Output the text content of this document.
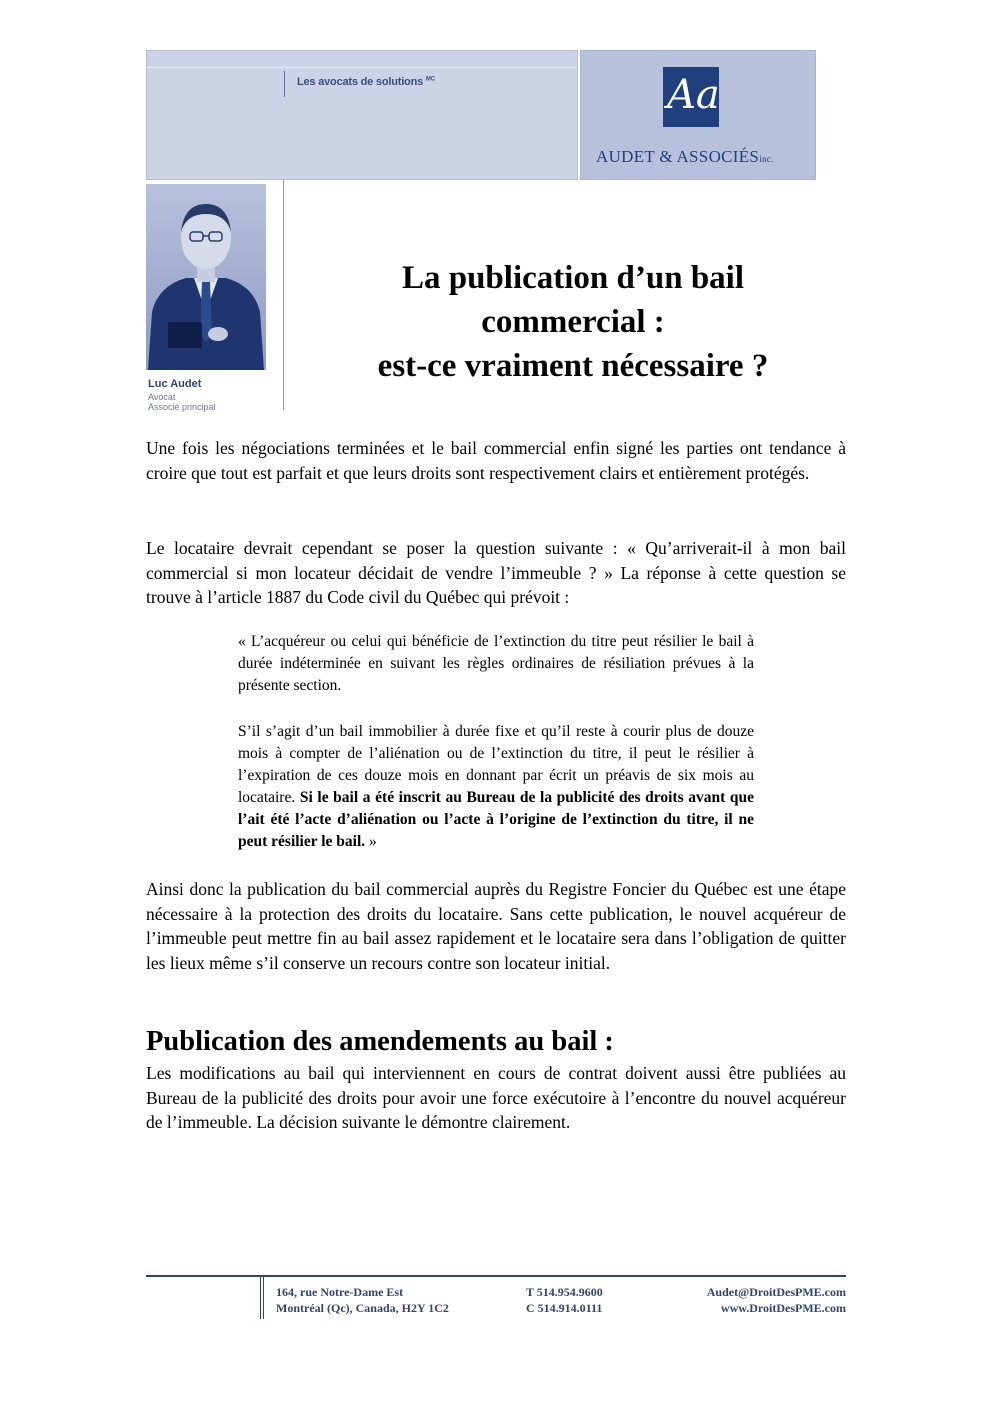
Les avocats de solutions $^{MC}$	Aa
AUDET & ASSOCIÉSinc.
Luc Audet
Avocat
Associé principal
La publication d’un bail
commercial :
est-ce vraiment nécessaire ?

Une fois les négociations terminées et le bail commercial enfin signé les parties ont tendance à croire que tout est parfait et que leurs droits sont respectivement clairs et entièrement protégés.

Le locataire devrait cependant se poser la question suivante : « Qu’arriverait-il à mon bail commercial si mon locateur décidait de vendre l’immeuble ? » La réponse à cette question se trouve à l’article 1887 du Code civil du Québec qui prévoit :

« L’acquéreur ou celui qui bénéficie de l’extinction du titre peut résilier le bail à durée indéterminée en suivant les règles ordinaires de résiliation prévues à la présente section.

S’il s’agit d’un bail immobilier à durée fixe et qu’il reste à courir plus de douze mois à compter de l’aliénation ou de l’extinction du titre, il peut le résilier à l’expiration de ces douze mois en donnant par écrit un préavis de six mois au locataire. Si le bail a été inscrit au Bureau de la publicité des droits avant que l’ait été l’acte d’aliénation ou l’acte à l’origine de l’extinction du titre, il ne peut résilier le bail. »

Ainsi donc la publication du bail commercial auprès du Registre Foncier du Québec est une étape nécessaire à la protection des droits du locataire. Sans cette publication, le nouvel acquéreur de l’immeuble peut mettre fin au bail assez rapidement et le locataire sera dans l’obligation de quitter les lieux même s’il conserve un recours contre son locateur initial.

Publication des amendements au bail :

Les modifications au bail qui interviennent en cours de contrat doivent aussi être publiées au Bureau de la publicité des droits pour avoir une force exécutoire à l’encontre du nouvel acquéreur de l’immeuble. La décision suivante le démontre clairement.

164, rue Notre-Dame Est
Montréal (Qc), Canada, H2Y 1C2
T 514.954.9600
C 514.914.0111
Audet@DroitDesPME.com
www.DroitDesPME.com
